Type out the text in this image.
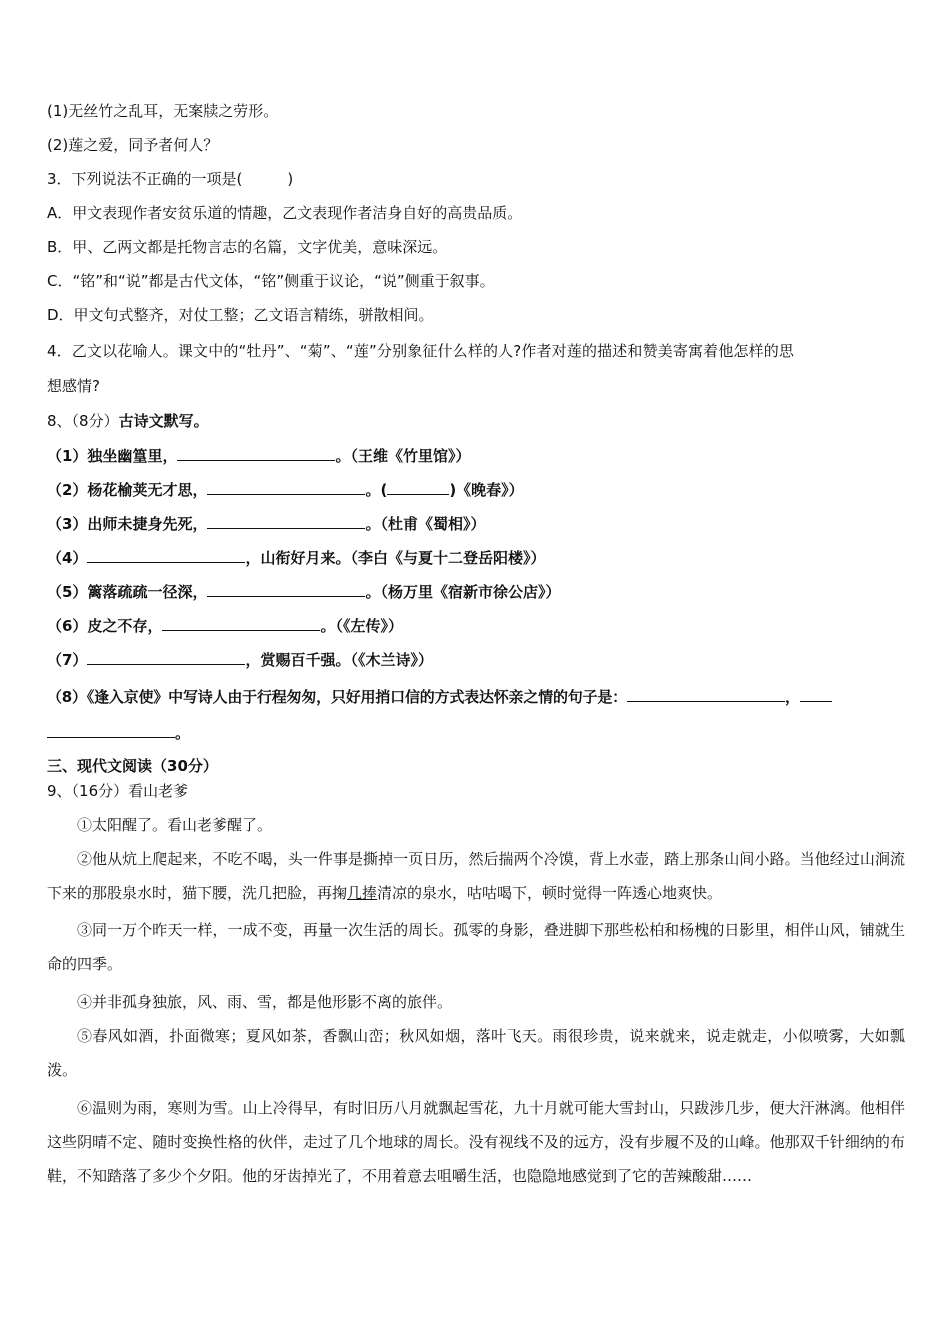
(1)无丝竹之乱耳，无案牍之劳形。
(2)莲之爱，同予者何人？
3．下列说法不正确的一项是(　　　)
A．甲文表现作者安贫乐道的情趣，乙文表现作者洁身自好的高贵品质。
B．甲、乙两文都是托物言志的名篇，文字优美，意味深远。
C．“铭”和“说”都是古代文体，“铭”侧重于议论，“说”侧重于叙事。
D．甲文句式整齐，对仗工整；乙文语言精练，骈散相间。
4．乙文以花喻人。课文中的“牡丹”、“菊”、“莲”分别象征什么样的人?作者对莲的描述和赞美寄寓着他怎样的思
想感情?
8、（8分）古诗文默写。
（1）独坐幽篁里，	。（王维《竹里馆》）
（2）杨花榆荚无才思，	。(	)《晚春》）
（3）出师未捷身先死，	。（杜甫《蜀相》）
（4）	，山衔好月来。（李白《与夏十二登岳阳楼》）
（5）篱落疏疏一径深，	。（杨万里《宿新市徐公店》）
（6）皮之不存，	。（《左传》）
（7）	，赏赐百千强。（《木兰诗》）
（8）《逢入京使》中写诗人由于行程匆匆，只好用捎口信的方式表达怀亲之情的句子是：	，
。
三、现代文阅读（30分）
9、（16分）看山老爹
①太阳醒了。看山老爹醒了。
②他从炕上爬起来，不吃不喝，头一件事是撕掉一页日历，然后揣两个冷馍，背上水壶，踏上那条山间小路。当他经过山涧流下来的那股泉水时，猫下腰，洗几把脸，再掬几捧清凉的泉水，咕咕喝下，顿时觉得一阵透心地爽快。
③同一万个昨天一样，一成不变，再量一次生活的周长。孤零的身影，叠进脚下那些松柏和杨槐的日影里，相伴山风，铺就生命的四季。
④并非孤身独旅，风、雨、雪，都是他形影不离的旅伴。
⑤春风如酒，扑面微寒；夏风如茶，香飘山峦；秋风如烟，落叶飞天。雨很珍贵，说来就来，说走就走，小似喷雾，大如瓢泼。
⑥温则为雨，寒则为雪。山上冷得早，有时旧历八月就飘起雪花，九十月就可能大雪封山，只跋涉几步，便大汗淋漓。他相伴这些阴晴不定、随时变换性格的伙伴，走过了几个地球的周长。没有视线不及的远方，没有步履不及的山峰。他那双千针细纳的布鞋，不知踏落了多少个夕阳。他的牙齿掉光了，不用着意去咀嚼生活，也隐隐地感觉到了它的苦辣酸甜……
